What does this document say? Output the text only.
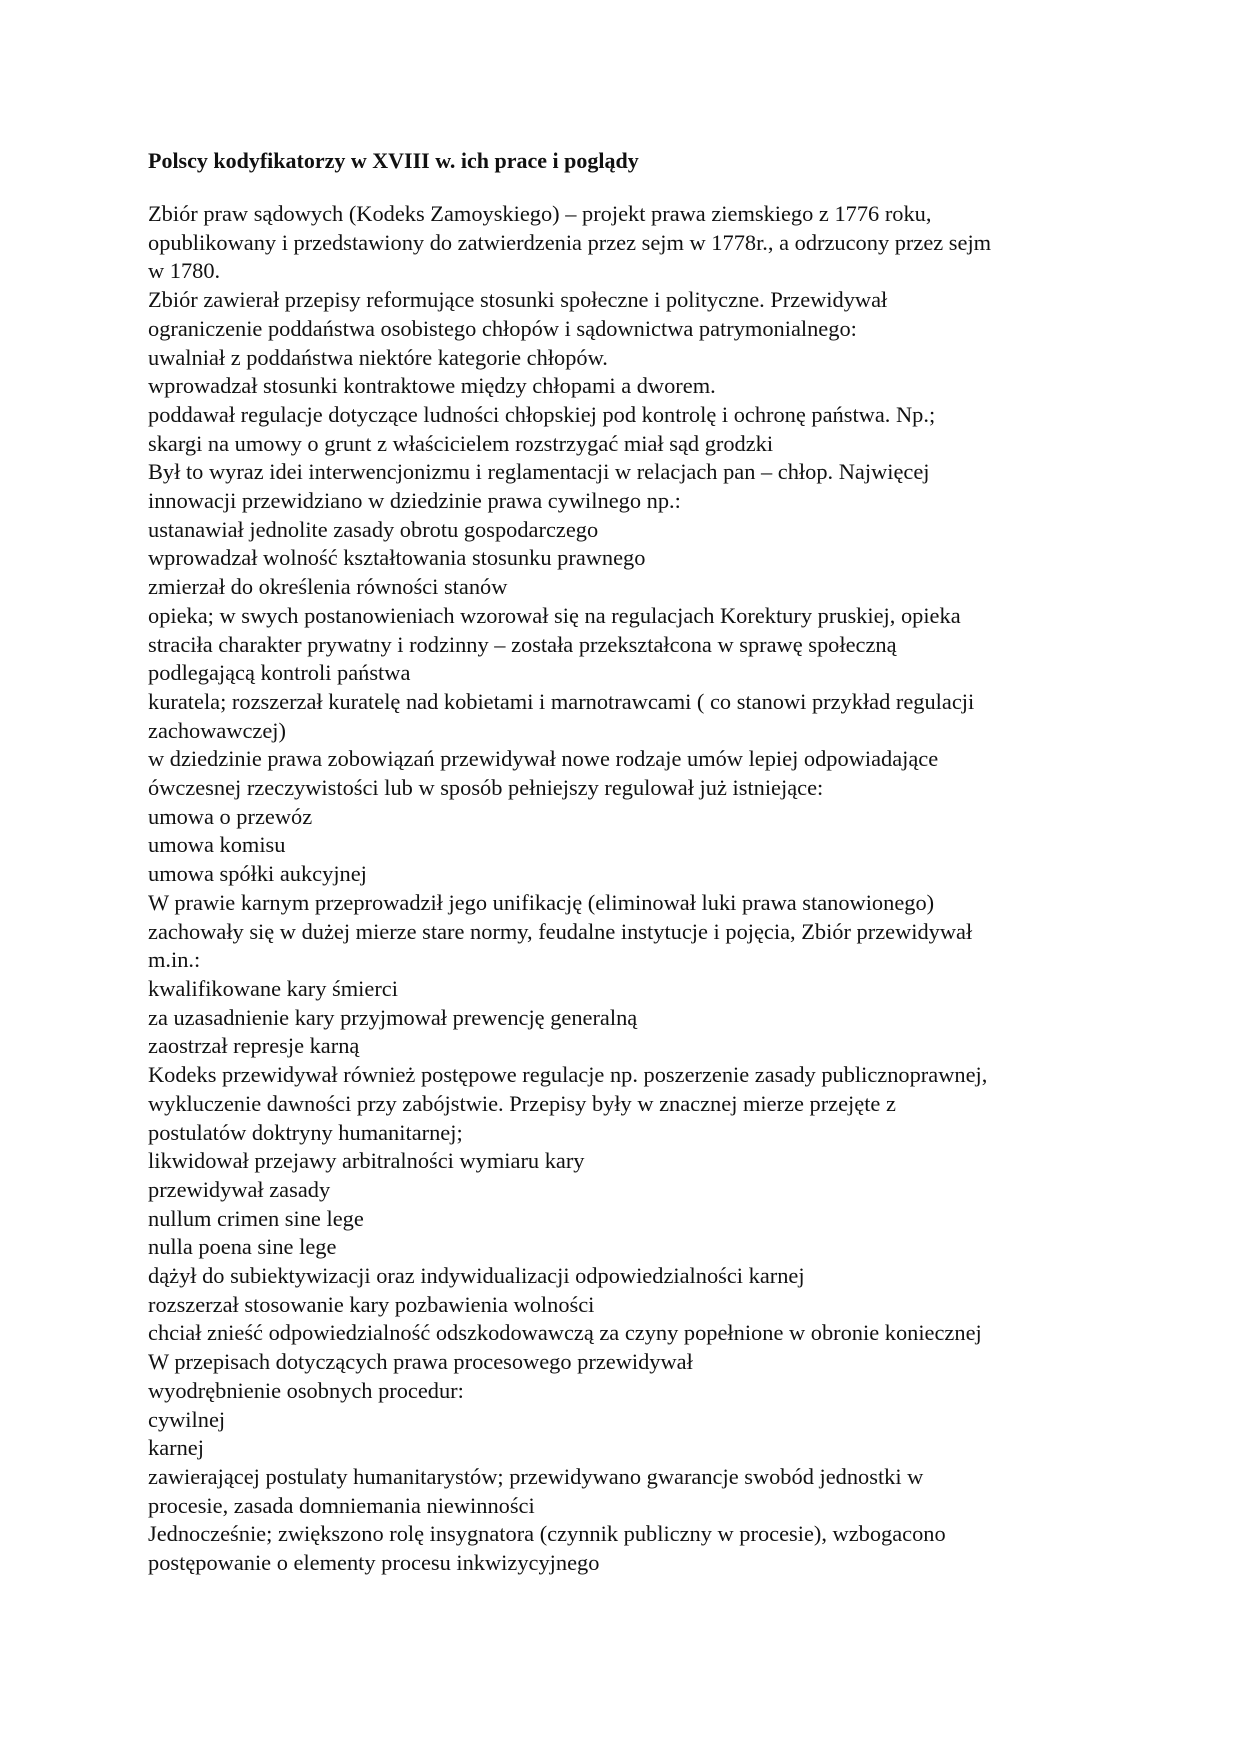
Polscy kodyfikatorzy w XVIII w. ich prace i poglądy

Zbiór praw sądowych (Kodeks Zamoyskiego) – projekt prawa ziemskiego z 1776 roku,

opublikowany i przedstawiony do zatwierdzenia przez sejm w 1778r., a odrzucony przez sejm

w 1780.

Zbiór zawierał przepisy reformujące stosunki społeczne i polityczne. Przewidywał

ograniczenie poddaństwa osobistego chłopów i sądownictwa patrymonialnego:

uwalniał z poddaństwa niektóre kategorie chłopów.

wprowadzał stosunki kontraktowe między chłopami a dworem.

poddawał regulacje dotyczące ludności chłopskiej pod kontrolę i ochronę państwa. Np.;

skargi na umowy o grunt z właścicielem rozstrzygać miał sąd grodzki

Był to wyraz idei interwencjonizmu i reglamentacji w relacjach pan – chłop. Najwięcej

innowacji przewidziano w dziedzinie prawa cywilnego np.:

ustanawiał jednolite zasady obrotu gospodarczego

wprowadzał wolność kształtowania stosunku prawnego

zmierzał do określenia równości stanów

opieka; w swych postanowieniach wzorował się na regulacjach Korektury pruskiej, opieka

straciła charakter prywatny i rodzinny – została przekształcona w sprawę społeczną

podlegającą kontroli państwa

kuratela; rozszerzał kuratelę nad kobietami i marnotrawcami ( co stanowi przykład regulacji

zachowawczej)

w dziedzinie prawa zobowiązań przewidywał nowe rodzaje umów lepiej odpowiadające

ówczesnej rzeczywistości lub w sposób pełniejszy regulował już istniejące:

umowa o przewóz

umowa komisu

umowa spółki aukcyjnej

W prawie karnym przeprowadził jego unifikację (eliminował luki prawa stanowionego)

zachowały się w dużej mierze stare normy, feudalne instytucje i pojęcia, Zbiór przewidywał

m.in.:

kwalifikowane kary śmierci

za uzasadnienie kary przyjmował prewencję generalną

zaostrzał represje karną

Kodeks przewidywał również postępowe regulacje np. poszerzenie zasady publicznoprawnej,

wykluczenie dawności przy zabójstwie. Przepisy były w znacznej mierze przejęte z

postulatów doktryny humanitarnej;

likwidował przejawy arbitralności wymiaru kary

przewidywał zasady

nullum crimen sine lege

nulla poena sine lege

dążył do subiektywizacji oraz indywidualizacji odpowiedzialności karnej

rozszerzał stosowanie kary pozbawienia wolności

chciał znieść odpowiedzialność odszkodowawczą za czyny popełnione w obronie koniecznej

W przepisach dotyczących prawa procesowego przewidywał

wyodrębnienie osobnych procedur:

cywilnej

karnej

zawierającej postulaty humanitarystów; przewidywano gwarancje swobód jednostki w

procesie, zasada domniemania niewinności

Jednocześnie; zwiększono rolę insygnatora (czynnik publiczny w procesie), wzbogacono

postępowanie o elementy procesu inkwizycyjnego
